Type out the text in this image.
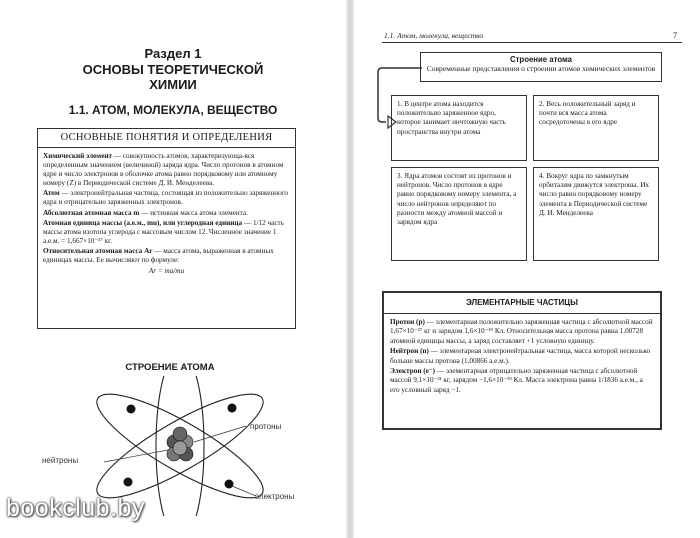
Раздел 1
ОСНОВЫ ТЕОРЕТИЧЕСКОЙ ХИМИИ
1.1. АТОМ, МОЛЕКУЛА, ВЕЩЕСТВО
ОСНОВНЫЕ ПОНЯТИЯ И ОПРЕДЕЛЕНИЯ

Химический элемент — совокупность атомов, характеризующа-яся определенным значением (величиной) заряда ядра. Число протонов в атомном ядре и число электронов в оболочке атома равно порядковому или атомному номеру (Z) в Периодической системе Д. И. Менделеева.

Атом — электронейтральная частица, состоящая из положительно заряженного ядра и отрицательно заряженных электронов.

Абсолютная атомная масса m — истинная масса атома элемента.

Атомная единица массы (а.е.м., mu), или углеродная единица — 1/12 часть массы атома изотопа углерода с массовым числом 12. Численное значение 1 а.е.м. = 1,667×10⁻²⁷ кг.

Относительная атомная масса Ar — масса атома, выраженная в атомных единицах массы. Ее вычисляют по формуле:

Ar = ma/mu

СТРОЕНИЕ АТОМА
нейтроны
протоны
электроны
bookclub.by
1.1. Атом, молекула, вещество	7
Строение атома
Современные представления о строении атомов химических элементов
1. В центре атома находится положительно заряженное ядро, которое занимает ничтожную часть пространства внутри атома
2. Весь положительный заряд и почти вся масса атома сосредоточены в его ядре
3. Ядра атомов состоят из протонов и нейтронов. Число протонов в ядре равно порядковому номеру элемента, а число нейтронов определяют по разности между атомной массой и зарядом ядра
4. Вокруг ядра по замкнутым орбиталям движутся электроны. Их число равно порядковому номеру элемента в Периодической системе Д. И. Менделеева
ЭЛЕМЕНТАРНЫЕ ЧАСТИЦЫ

Протон (p) — элементарная положительно заряженная частица с абсолютной массой 1,67×10⁻²⁷ кг и зарядом 1,6×10⁻¹⁹ Кл. Относительная масса протона равна 1,00728 атомной единицы массы, а заряд составляет +1 условную единицу.

Нейтрон (n) — элементарная электронейтральная частица, масса которой несколько больше массы протона (1,00866 а.е.м.).

Электрон (e⁻) — элементарная отрицательно заряженная частица с абсолютной массой 9,1×10⁻³¹ кг, зарядом −1,6×10⁻¹⁹ Кл. Масса электрона равна 1/1836 а.е.м., а его условный заряд −1.
